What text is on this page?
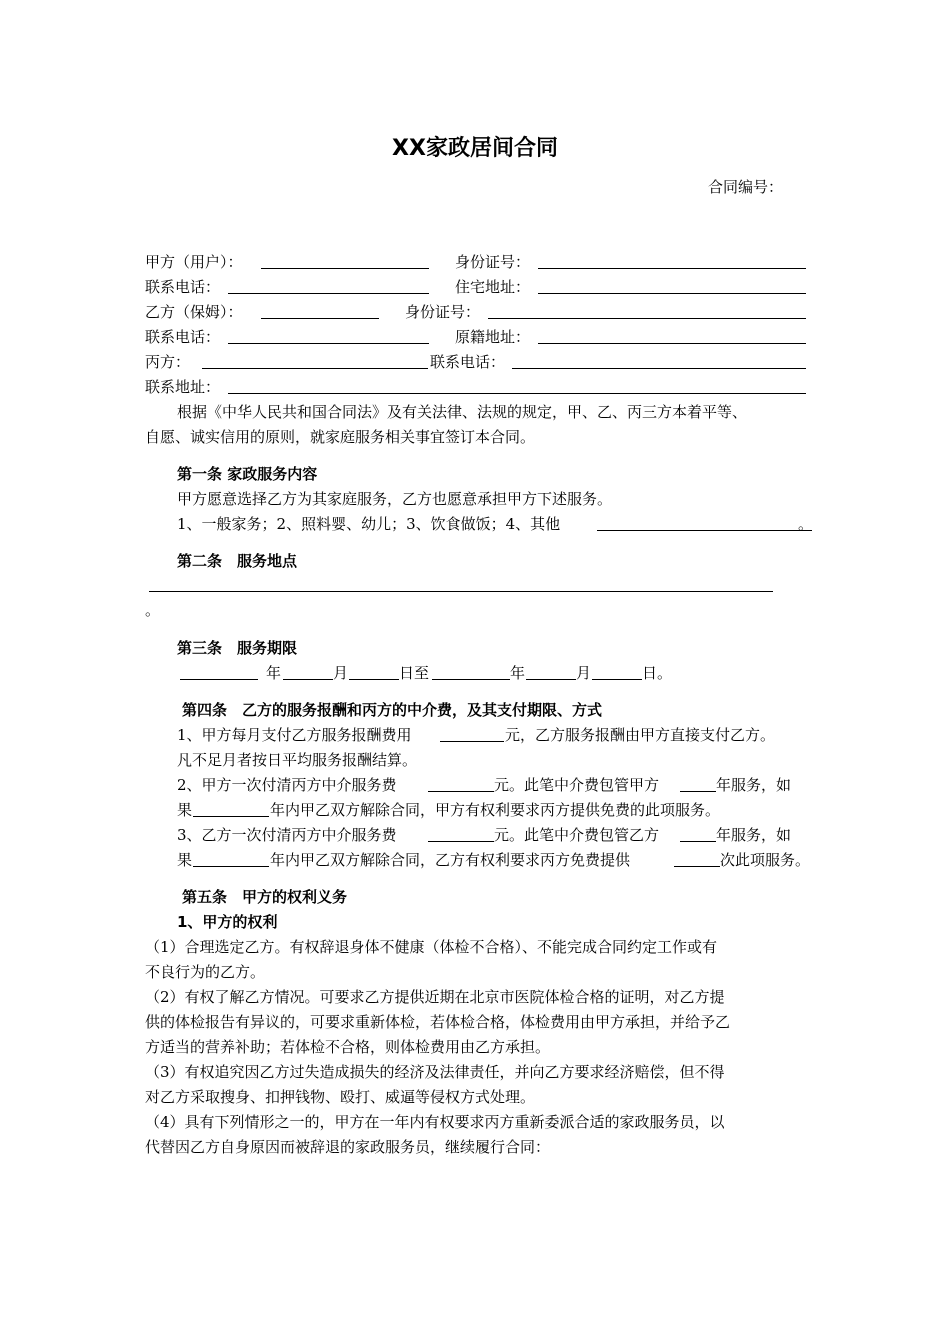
XX家政居间合同
合同编号：
甲方（用户）：	身份证号：
联系电话：	住宅地址：
乙方（保姆）：	身份证号：
联系电话：	原籍地址：
丙方：	联系电话：
联系地址：
根据《中华人民共和国合同法》及有关法律、法规的规定，甲、乙、丙三方本着平等、
自愿、诚实信用的原则，就家庭服务相关事宜签订本合同。
第一条 家政服务内容
甲方愿意选择乙方为其家庭服务，乙方也愿意承担甲方下述服务。
1、一般家务；2、照料婴、幼儿；3、饮食做饭；4、其他	。
第二条　服务地点
。
第三条　服务期限
年	月	日至	年	月	日。
第四条　乙方的服务报酬和丙方的中介费，及其支付期限、方式
1、甲方每月支付乙方服务报酬费用	元，乙方服务报酬由甲方直接支付乙方。
凡不足月者按日平均服务报酬结算。
2、甲方一次付清丙方中介服务费	元。此笔中介费包管甲方	年服务，如
果	年内甲乙双方解除合同，甲方有权利要求丙方提供免费的此项服务。
3、乙方一次付清丙方中介服务费	元。此笔中介费包管乙方	年服务，如
果	年内甲乙双方解除合同，乙方有权利要求丙方免费提供	次此项服务。
第五条　甲方的权利义务
1、甲方的权利
（1）合理选定乙方。有权辞退身体不健康（体检不合格）、不能完成合同约定工作或有
不良行为的乙方。
（2）有权了解乙方情况。可要求乙方提供近期在北京市医院体检合格的证明，对乙方提
供的体检报告有异议的，可要求重新体检，若体检合格，体检费用由甲方承担，并给予乙
方适当的营养补助；若体检不合格，则体检费用由乙方承担。
（3）有权追究因乙方过失造成损失的经济及法律责任，并向乙方要求经济赔偿，但不得
对乙方采取搜身、扣押钱物、殴打、威逼等侵权方式处理。
（4）具有下列情形之一的，甲方在一年内有权要求丙方重新委派合适的家政服务员，以
代替因乙方自身原因而被辞退的家政服务员，继续履行合同：
